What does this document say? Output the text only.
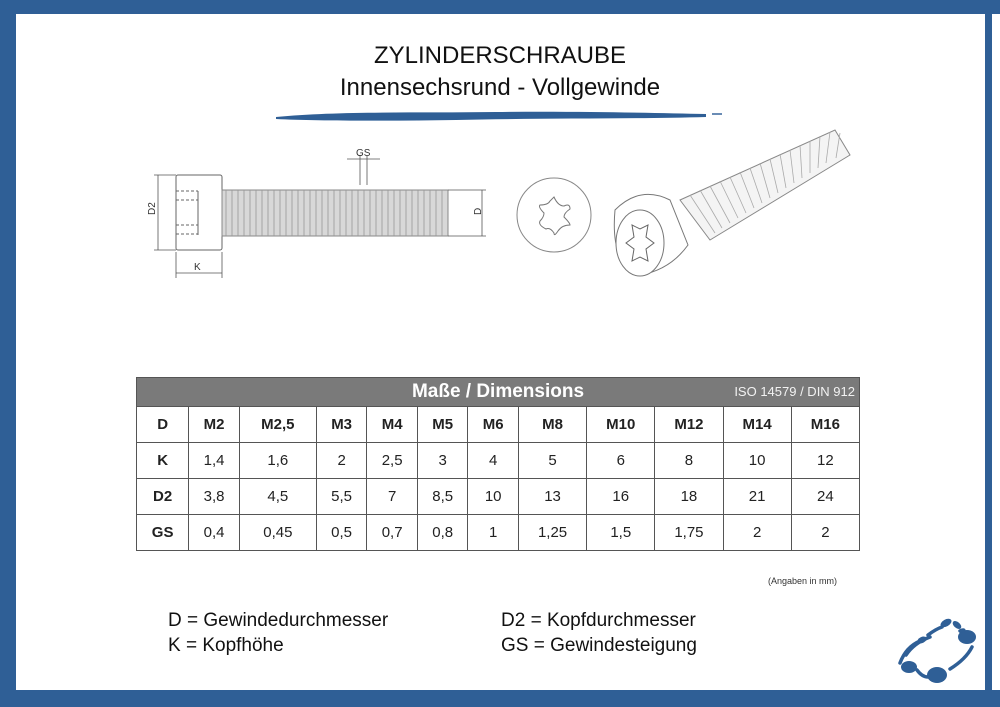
ZYLINDERSCHRAUBE
Innensechsrund - Vollgewinde
D2	D
K
GS
Maße / Dimensions ISO 14579 / DIN 912											

D	M2	M2,5	M3	M4	M5	M6	M8	M10	M12	M14	M16
K	1,4	1,6	2	2,5	3	4	5	6	8	10	12
D2	3,8	4,5	5,5	7	8,5	10	13	16	18	21	24
GS	0,4	0,45	0,5	0,7	0,8	1	1,25	1,5	1,75	2	2
(Angaben in mm)
D = Gewindedurchmesser
K = Kopfhöhe
D2 = Kopfdurchmesser
GS = Gewindesteigung
